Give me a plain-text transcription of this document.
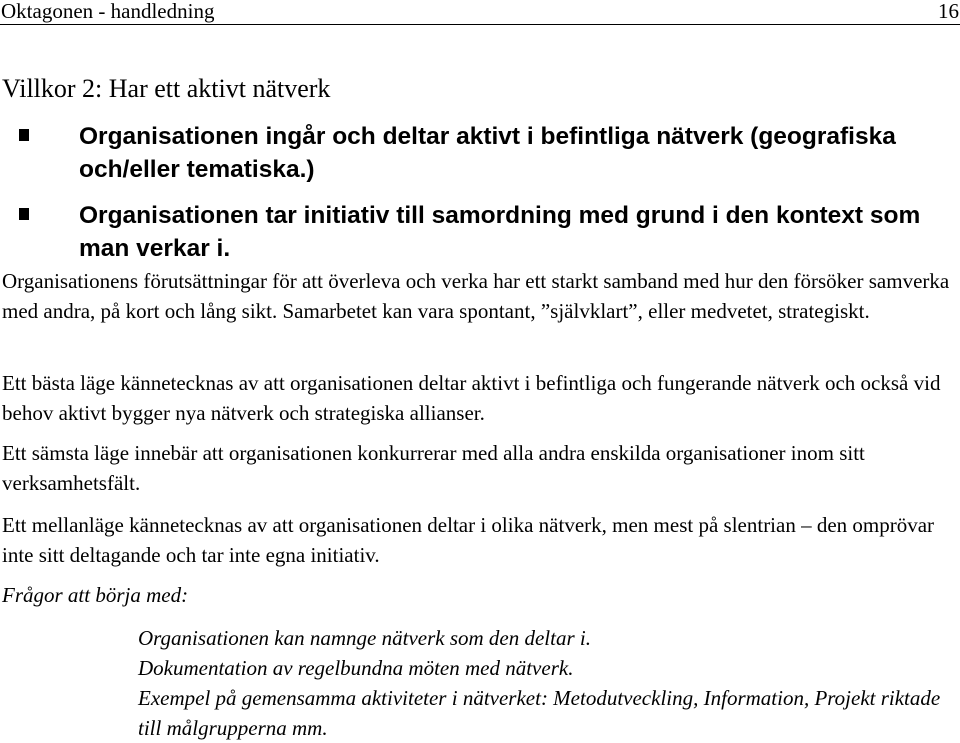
Oktagonen - handledning	16
Villkor 2: Har ett aktivt nätverk
Organisationen ingår och deltar aktivt i befintliga nätverk (geografiska och/eller tematiska.)
Organisationen tar initiativ till samordning med grund i den kontext som man verkar i.

Organisationens förutsättningar för att överleva och verka har ett starkt samband med hur den försöker samverka med andra, på kort och lång sikt. Samarbetet kan vara spontant, ”självklart”, eller medvetet, strategiskt.

Ett bästa läge kännetecknas av att organisationen deltar aktivt i befintliga och fungerande nätverk och också vid behov aktivt bygger nya nätverk och strategiska allianser.

Ett sämsta läge innebär att organisationen konkurrerar med alla andra enskilda organisationer inom sitt verksamhetsfält.

Ett mellanläge kännetecknas av att organisationen deltar i olika nätverk, men mest på slentrian – den omprövar inte sitt deltagande och tar inte egna initiativ.

Frågor att börja med:

Organisationen kan namnge nätverk som den deltar i.
Dokumentation av regelbundna möten med nätverk.
Exempel på gemensamma aktiviteter i nätverket: Metodutveckling, Information, Projekt riktade till målgrupperna mm.
